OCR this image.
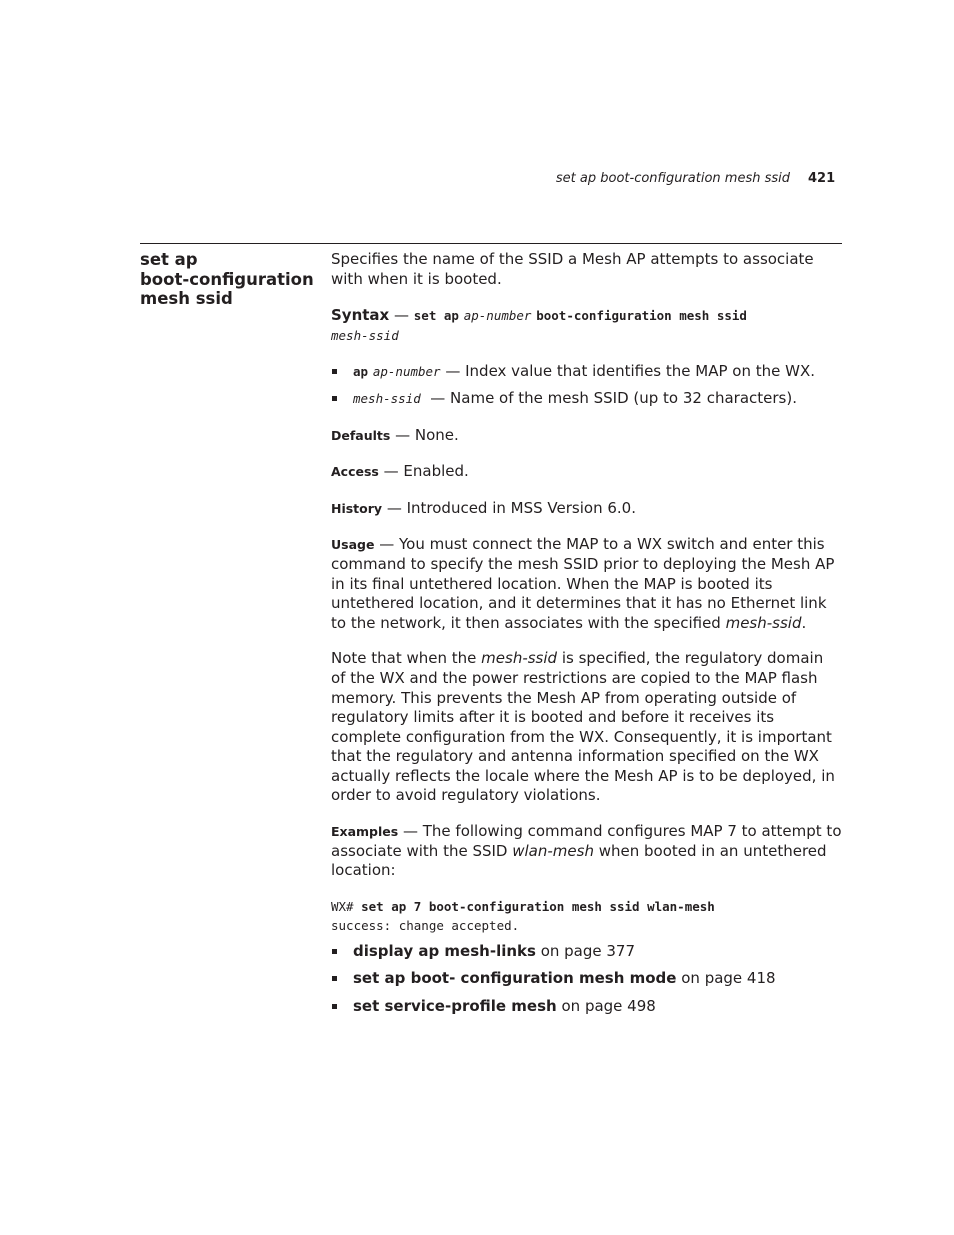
set ap boot-configuration mesh ssid 421
set ap
boot-configuration
mesh ssid

Specifies the name of the SSID a Mesh AP attempts to associate with when it is booted.

Syntax — set ap ap-number boot-configuration mesh ssid
mesh-ssid

ap ap-number — Index value that identifies the MAP on the WX.
mesh-ssid  — Name of the mesh SSID (up to 32 characters).

Defaults — None.

Access — Enabled.

History — Introduced in MSS Version 6.0.

Usage — You must connect the MAP to a WX switch and enter this command to specify the mesh SSID prior to deploying the Mesh AP in its final untethered location. When the MAP is booted its untethered location, and it determines that it has no Ethernet link to the network, it then associates with the specified mesh-ssid.

Note that when the mesh-ssid is specified, the regulatory domain of the WX and the power restrictions are copied to the MAP flash memory. This prevents the Mesh AP from operating outside of regulatory limits after it is booted and before it receives its complete configuration from the WX. Consequently, it is important that the regulatory and antenna information specified on the WX actually reflects the locale where the Mesh AP is to be deployed, in order to avoid regulatory violations.

Examples — The following command configures MAP 7 to attempt to associate with the SSID wlan-mesh when booted in an untethered location:

WX# set ap 7 boot-configuration mesh ssid wlan-mesh
success: change accepted.
display ap mesh-links on page 377
set ap boot- configuration mesh mode on page 418
set service-profile mesh on page 498
